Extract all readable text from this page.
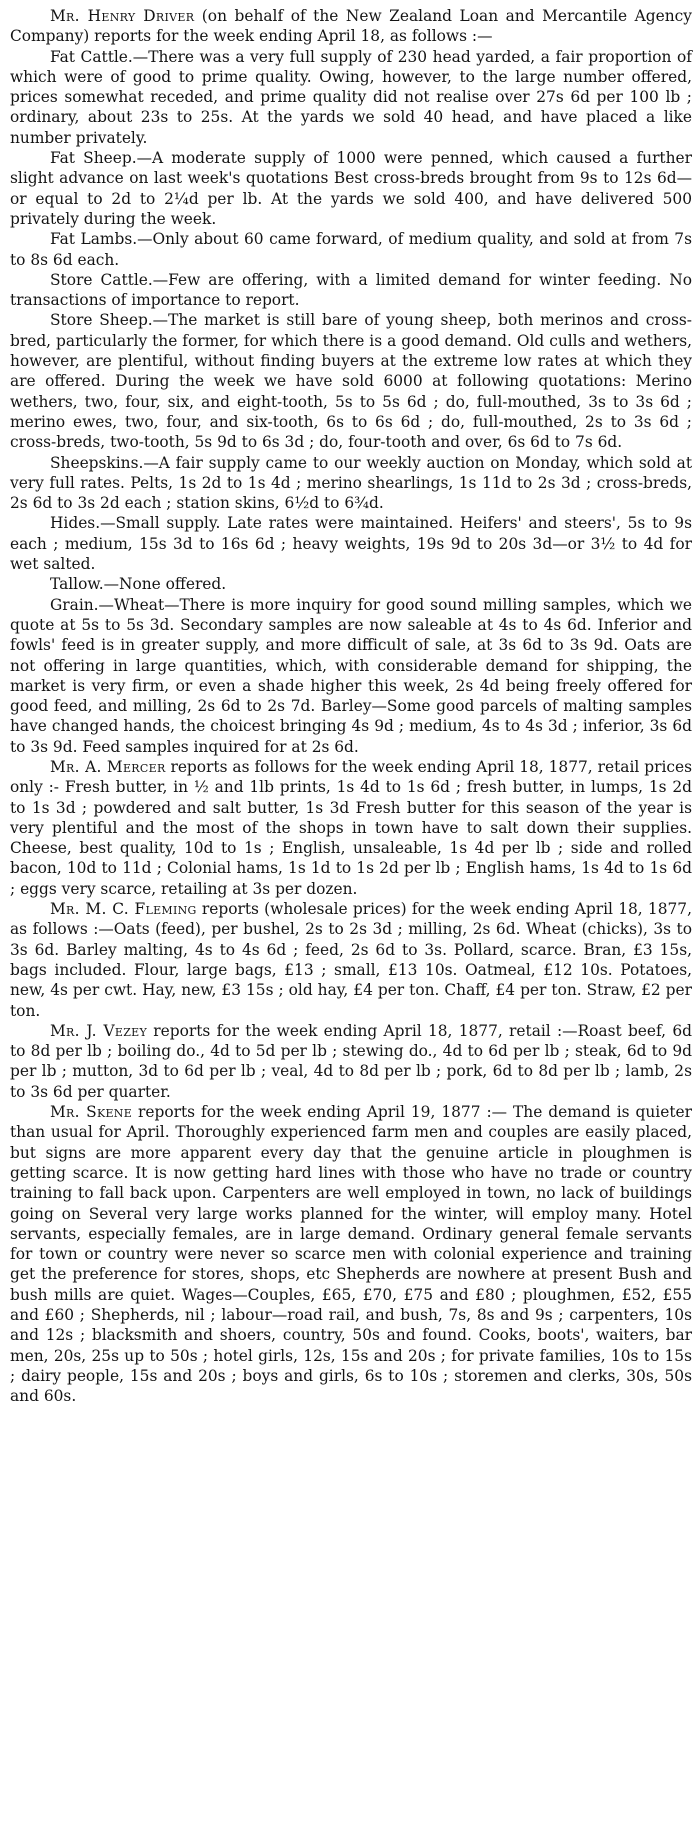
Mr. Henry Driver (on behalf of the New Zealand Loan and Mercantile Agency Company) reports for the week ending April 18, as follows :—

Fat Cattle.—There was a very full supply of 230 head yarded, a fair proportion of which were of good to prime quality. Owing, however, to the large number offered, prices somewhat receded, and prime quality did not realise over 27s 6d per 100 lb ; ordinary, about 23s to 25s. At the yards we sold 40 head, and have placed a like number privately.

Fat Sheep.—A moderate supply of 1000 were penned, which caused a further slight advance on last week's quotations Best cross-breds brought from 9s to 12s 6d—or equal to 2d to 2¼d per lb. At the yards we sold 400, and have delivered 500 privately during the week.

Fat Lambs.—Only about 60 came forward, of medium quality, and sold at from 7s to 8s 6d each.

Store Cattle.—Few are offering, with a limited demand for winter feeding. No transactions of importance to report.

Store Sheep.—The market is still bare of young sheep, both merinos and cross-bred, particularly the former, for which there is a good demand. Old culls and wethers, however, are plentiful, without finding buyers at the extreme low rates at which they are offered. During the week we have sold 6000 at following quotations: Merino wethers, two, four, six, and eight-tooth, 5s to 5s 6d ; do, full-mouthed, 3s to 3s 6d ; merino ewes, two, four, and six-tooth, 6s to 6s 6d ; do, full-mouthed, 2s to 3s 6d ; cross-breds, two-tooth, 5s 9d to 6s 3d ; do, four-tooth and over, 6s 6d to 7s 6d.

Sheepskins.—A fair supply came to our weekly auction on Monday, which sold at very full rates. Pelts, 1s 2d to 1s 4d ; merino shearlings, 1s 11d to 2s 3d ; cross-breds, 2s 6d to 3s 2d each ; station skins, 6½d to 6¾d.

Hides.—Small supply. Late rates were maintained. Heifers' and steers', 5s to 9s each ; medium, 15s 3d to 16s 6d ; heavy weights, 19s 9d to 20s 3d—or 3½ to 4d for wet salted.

Tallow.—None offered.

Grain.—Wheat—There is more inquiry for good sound milling samples, which we quote at 5s to 5s 3d. Secondary samples are now saleable at 4s to 4s 6d. Inferior and fowls' feed is in greater supply, and more difficult of sale, at 3s 6d to 3s 9d. Oats are not offering in large quantities, which, with considerable demand for shipping, the market is very firm, or even a shade higher this week, 2s 4d being freely offered for good feed, and milling, 2s 6d to 2s 7d. Barley—Some good parcels of malting samples have changed hands, the choicest bringing 4s 9d ; medium, 4s to 4s 3d ; inferior, 3s 6d to 3s 9d. Feed samples inquired for at 2s 6d.

Mr. A. Mercer reports as follows for the week ending April 18, 1877, retail prices only :- Fresh butter, in ½ and 1lb prints, 1s 4d to 1s 6d ; fresh butter, in lumps, 1s 2d to 1s 3d ; powdered and salt butter, 1s 3d Fresh butter for this season of the year is very plentiful and the most of the shops in town have to salt down their supplies. Cheese, best quality, 10d to 1s ; English, unsaleable, 1s 4d per lb ; side and rolled bacon, 10d to 11d ; Colonial hams, 1s 1d to 1s 2d per lb ; English hams, 1s 4d to 1s 6d ; eggs very scarce, retailing at 3s per dozen.

Mr. M. C. Fleming reports (wholesale prices) for the week ending April 18, 1877, as follows :—Oats (feed), per bushel, 2s to 2s 3d ; milling, 2s 6d. Wheat (chicks), 3s to 3s 6d. Barley malting, 4s to 4s 6d ; feed, 2s 6d to 3s. Pollard, scarce. Bran, £3 15s, bags included. Flour, large bags, £13 ; small, £13 10s. Oatmeal, £12 10s. Potatoes, new, 4s per cwt. Hay, new, £3 15s ; old hay, £4 per ton. Chaff, £4 per ton. Straw, £2 per ton.

Mr. J. Vezey reports for the week ending April 18, 1877, retail :—Roast beef, 6d to 8d per lb ; boiling do., 4d to 5d per lb ; stewing do., 4d to 6d per lb ; steak, 6d to 9d per lb ; mutton, 3d to 6d per lb ; veal, 4d to 8d per lb ; pork, 6d to 8d per lb ; lamb, 2s to 3s 6d per quarter.

Mr. Skene reports for the week ending April 19, 1877 :— The demand is quieter than usual for April. Thoroughly experienced farm men and couples are easily placed, but signs are more apparent every day that the genuine article in ploughmen is getting scarce. It is now getting hard lines with those who have no trade or country training to fall back upon. Carpenters are well employed in town, no lack of buildings going on Several very large works planned for the winter, will employ many. Hotel servants, especially females, are in large demand. Ordinary general female servants for town or country were never so scarce men with colonial experience and training get the preference for stores, shops, etc Shepherds are nowhere at present Bush and bush mills are quiet. Wages—Couples, £65, £70, £75 and £80 ; ploughmen, £52, £55 and £60 ; Shepherds, nil ; labour—road rail, and bush, 7s, 8s and 9s ; carpenters, 10s and 12s ; blacksmith and shoers, country, 50s and found. Cooks, boots', waiters, bar men, 20s, 25s up to 50s ; hotel girls, 12s, 15s and 20s ; for private families, 10s to 15s ; dairy people, 15s and 20s ; boys and girls, 6s to 10s ; storemen and clerks, 30s, 50s and 60s.
